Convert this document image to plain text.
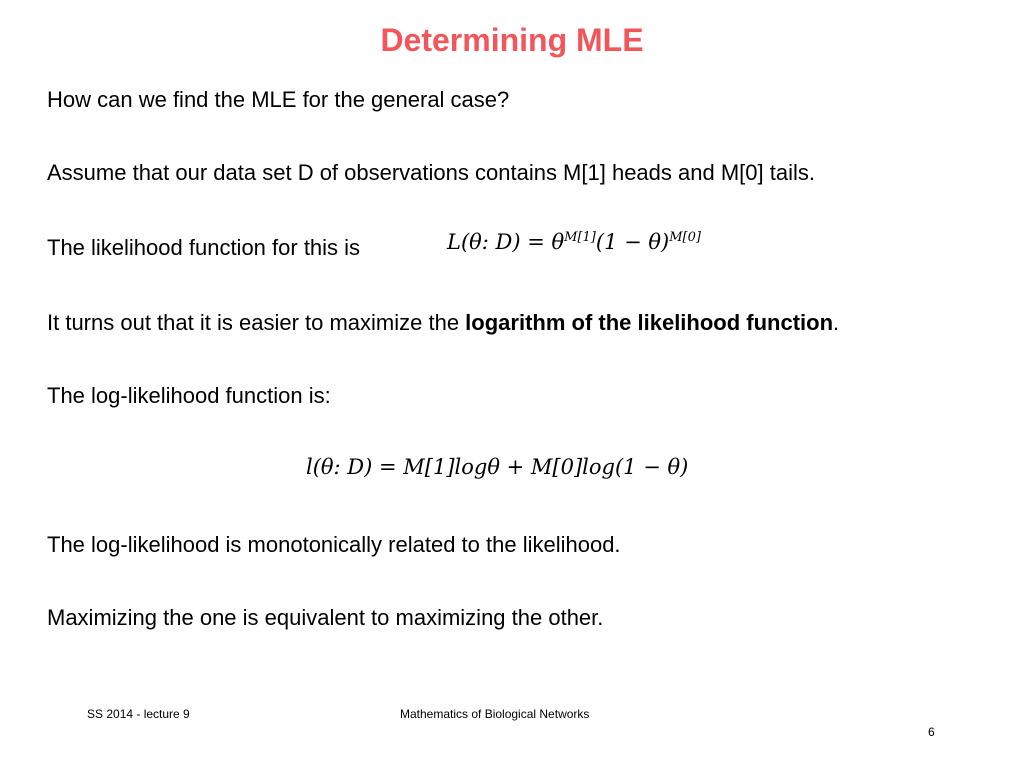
Determining MLE
How can we find the MLE for the general case?
Assume that our data set D of observations contains M[1] heads and M[0] tails.
The likelihood function for this is	L(θ: $D) = \theta^{M[1]}(1 - \theta)^{M[0]}$
It turns out that it is easier to maximize the logarithm of the likelihood function.
The log-likelihood function is:
l(θ: D) = M[1]logθ + M[0]log(1 − θ)
The log-likelihood is monotonically related to the likelihood.
Maximizing the one is equivalent to maximizing the other.
SS 2014 - lecture 9	Mathematics of Biological Networks
6
